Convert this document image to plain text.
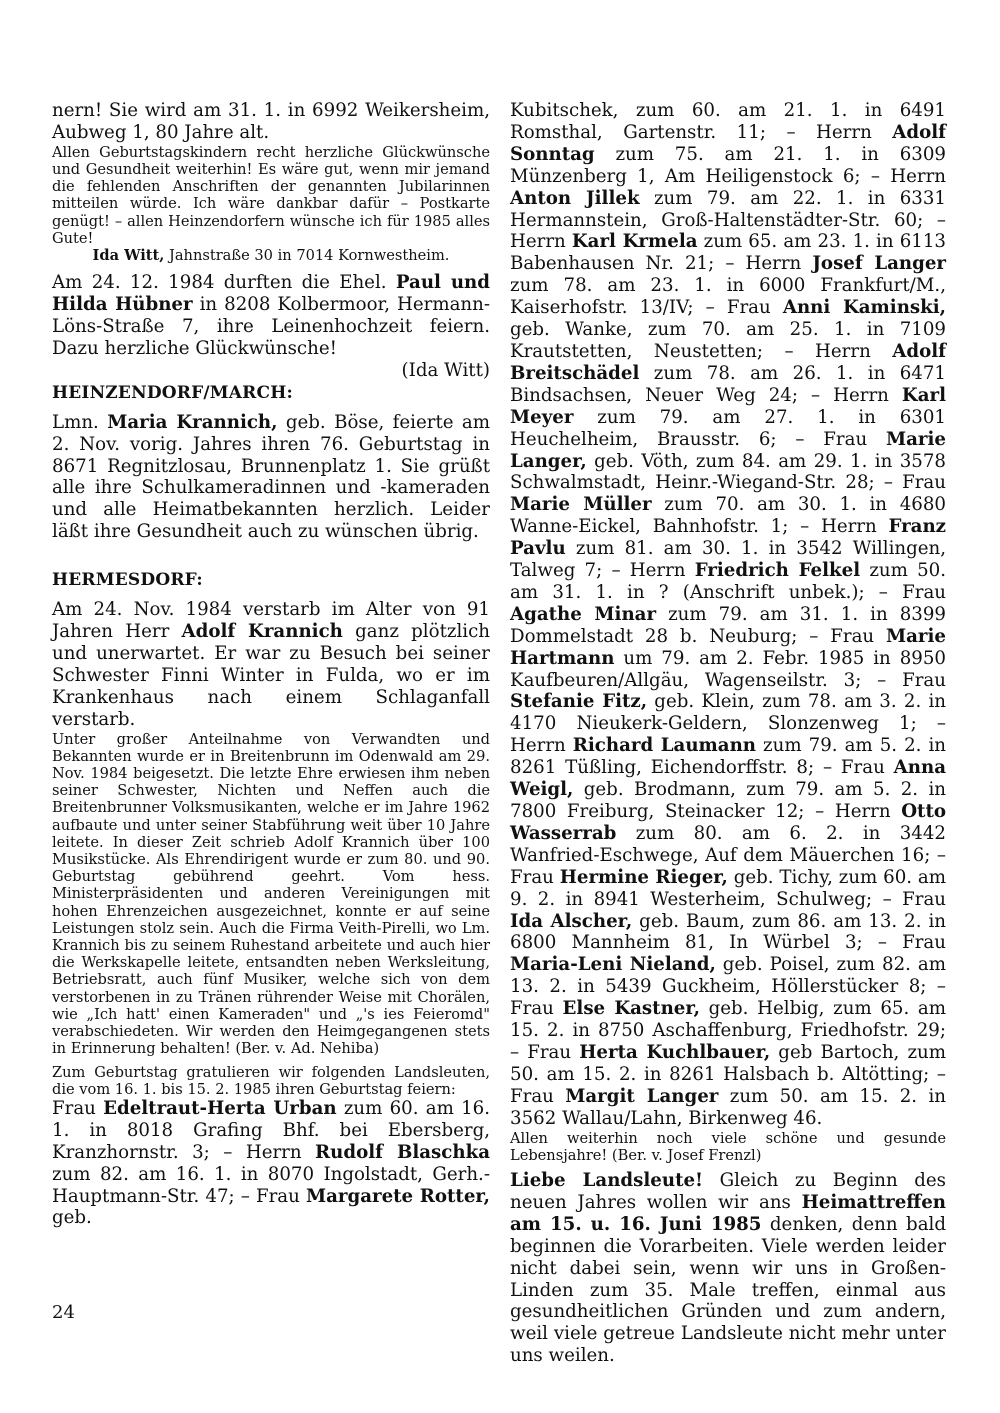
nern! Sie wird am 31. 1. in 6992 Weikersheim, Aubweg 1, 80 Jahre alt.

Allen Geburtstagskindern recht herzliche Glückwünsche und Gesundheit weiterhin! Es wäre gut, wenn mir jemand die fehlenden Anschriften der genannten Jubilarinnen mitteilen würde. Ich wäre dankbar dafür – Postkarte genügt! – allen Heinzendorfern wünsche ich für 1985 alles Gute!

Ida Witt, Jahnstraße 30 in 7014 Kornwestheim.

Am 24. 12. 1984 durften die Ehel. Paul und Hilda Hübner in 8208 Kolbermoor, Hermann-Löns-Straße 7, ihre Leinenhochzeit feiern. Dazu herzliche Glückwünsche!

(Ida Witt)

HEINZENDORF/MARCH:

Lmn. Maria Krannich, geb. Böse, feierte am 2. Nov. vorig. Jahres ihren 76. Geburtstag in 8671 Regnitzlosau, Brunnenplatz 1. Sie grüßt alle ihre Schulkameradinnen und -kameraden und alle Heimatbekannten herzlich. Leider läßt ihre Gesundheit auch zu wünschen übrig.

HERMESDORF:

Am 24. Nov. 1984 verstarb im Alter von 91 Jahren Herr Adolf Krannich ganz plötzlich und unerwartet. Er war zu Besuch bei seiner Schwester Finni Winter in Fulda, wo er im Krankenhaus nach einem Schlaganfall verstarb.

Unter großer Anteilnahme von Verwandten und Bekannten wurde er in Breitenbrunn im Odenwald am 29. Nov. 1984 beigesetzt. Die letzte Ehre erwiesen ihm neben seiner Schwester, Nichten und Neffen auch die Breitenbrunner Volksmusikanten, welche er im Jahre 1962 aufbaute und unter seiner Stabführung weit über 10 Jahre leitete. In dieser Zeit schrieb Adolf Krannich über 100 Musikstücke. Als Ehrendirigent wurde er zum 80. und 90. Geburtstag gebührend geehrt. Vom hess. Ministerpräsidenten und anderen Vereinigungen mit hohen Ehrenzeichen ausgezeichnet, konnte er auf seine Leistungen stolz sein. Auch die Firma Veith-Pirelli, wo Lm. Krannich bis zu seinem Ruhestand arbeitete und auch hier die Werkskapelle leitete, entsandten neben Werksleitung, Betriebsratt, auch fünf Musiker, welche sich von dem verstorbenen in zu Tränen rührender Weise mit Chorälen, wie „Ich hatt' einen Kameraden" und „'s ies Feieromd" verabschiedeten. Wir werden den Heimgegangenen stets in Erinnerung behalten! (Ber. v. Ad. Nehiba)

Zum Geburtstag gratulieren wir folgenden Landsleuten, die vom 16. 1. bis 15. 2. 1985 ihren Geburtstag feiern:

Frau Edeltraut-Herta Urban zum 60. am 16. 1. in 8018 Grafing Bhf. bei Ebersberg, Kranzhornstr. 3; – Herrn Rudolf Blaschka zum 82. am 16. 1. in 8070 Ingolstadt, Gerh.-Hauptmann-Str. 47; – Frau Margarete Rotter, geb.

Kubitschek, zum 60. am 21. 1. in 6491 Romsthal, Gartenstr. 11; – Herrn Adolf Sonntag zum 75. am 21. 1. in 6309 Münzenberg 1, Am Heiligenstock 6; – Herrn Anton Jillek zum 79. am 22. 1. in 6331 Hermannstein, Groß-Haltenstädter-Str. 60; – Herrn Karl Krmela zum 65. am 23. 1. in 6113 Babenhausen Nr. 21; – Herrn Josef Langer zum 78. am 23. 1. in 6000 Frankfurt/M., Kaiserhofstr. 13/IV; – Frau Anni Kaminski, geb. Wanke, zum 70. am 25. 1. in 7109 Krautstetten, Neustetten; – Herrn Adolf Breitschädel zum 78. am 26. 1. in 6471 Bindsachsen, Neuer Weg 24; – Herrn Karl Meyer zum 79. am 27. 1. in 6301 Heuchelheim, Brausstr. 6; – Frau Marie Langer, geb. Vöth, zum 84. am 29. 1. in 3578 Schwalmstadt, Heinr.-Wiegand-Str. 28; – Frau Marie Müller zum 70. am 30. 1. in 4680 Wanne-Eickel, Bahnhofstr. 1; – Herrn Franz Pavlu zum 81. am 30. 1. in 3542 Willingen, Talweg 7; – Herrn Friedrich Felkel zum 50. am 31. 1. in ? (Anschrift unbek.); – Frau Agathe Minar zum 79. am 31. 1. in 8399 Dommelstadt 28 b. Neuburg; – Frau Marie Hartmann um 79. am 2. Febr. 1985 in 8950 Kaufbeuren/Allgäu, Wagenseilstr. 3; – Frau Stefanie Fitz, geb. Klein, zum 78. am 3. 2. in 4170 Nieukerk-Geldern, Slonzenweg 1; – Herrn Richard Laumann zum 79. am 5. 2. in 8261 Tüßling, Eichendorffstr. 8; – Frau Anna Weigl, geb. Brodmann, zum 79. am 5. 2. in 7800 Freiburg, Steinacker 12; – Herrn Otto Wasserrab zum 80. am 6. 2. in 3442 Wanfried-Eschwege, Auf dem Mäuerchen 16; – Frau Hermine Rieger, geb. Tichy, zum 60. am 9. 2. in 8941 Westerheim, Schulweg; – Frau Ida Alscher, geb. Baum, zum 86. am 13. 2. in 6800 Mannheim 81, In Würbel 3; – Frau Maria-Leni Nieland, geb. Poisel, zum 82. am 13. 2. in 5439 Guckheim, Höllerstücker 8; – Frau Else Kastner, geb. Helbig, zum 65. am 15. 2. in 8750 Aschaffenburg, Friedhofstr. 29; – Frau Herta Kuchlbauer, geb Bartoch, zum 50. am 15. 2. in 8261 Halsbach b. Altötting; – Frau Margit Langer zum 50. am 15. 2. in 3562 Wallau/Lahn, Birkenweg 46.

Allen weiterhin noch viele schöne und gesunde Lebensjahre! (Ber. v. Josef Frenzl)

Liebe Landsleute! Gleich zu Beginn des neuen Jahres wollen wir ans Heimattreffen am 15. u. 16. Juni 1985 denken, denn bald beginnen die Vorarbeiten. Viele werden leider nicht dabei sein, wenn wir uns in Großen-Linden zum 35. Male treffen, einmal aus gesundheitlichen Gründen und zum andern, weil viele getreue Landsleute nicht mehr unter uns weilen.

24
